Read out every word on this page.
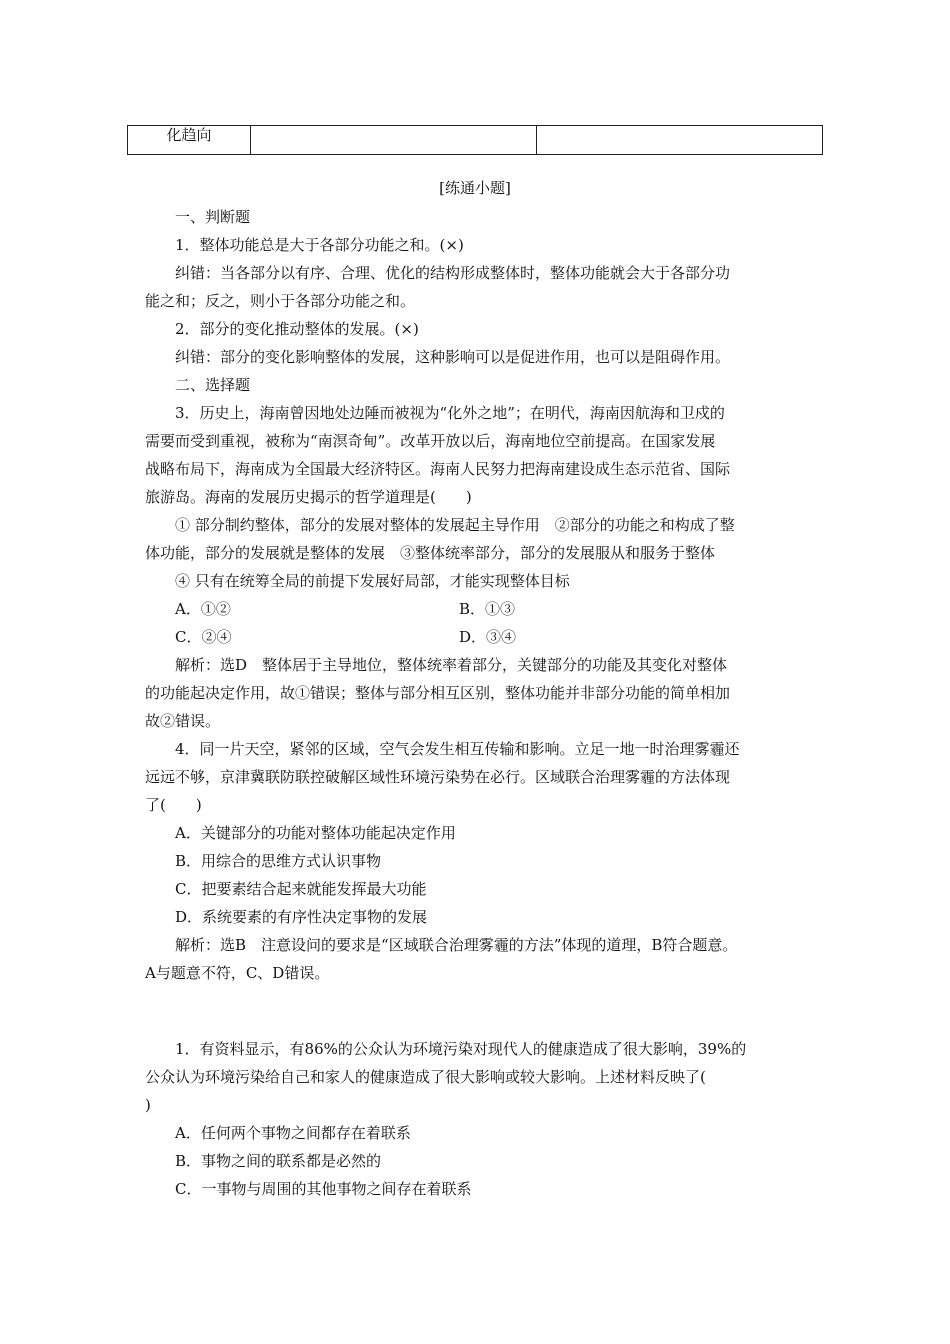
化趋向		
[练通小题]
一、判断题
1．整体功能总是大于各部分功能之和。(×)
纠错：当各部分以有序、合理、优化的结构形成整体时，整体功能就会大于各部分功
能之和；反之，则小于各部分功能之和。
2．部分的变化推动整体的发展。(×)
纠错：部分的变化影响整体的发展，这种影响可以是促进作用，也可以是阻碍作用。
二、选择题
3．历史上，海南曾因地处边陲而被视为“化外之地”；在明代，海南因航海和卫戍的
需要而受到重视，被称为“南溟奇甸”。改革开放以后，海南地位空前提高。在国家发展
战略布局下，海南成为全国最大经济特区。海南人民努力把海南建设成生态示范省、国际
旅游岛。海南的发展历史揭示的哲学道理是(　　)
① 部分制约整体，部分的发展对整体的发展起主导作用　②部分的功能之和构成了整
体功能，部分的发展就是整体的发展　③整体统率部分，部分的发展服从和服务于整体
④ 只有在统筹全局的前提下发展好局部，才能实现整体目标
A．①②	B．①③
C．②④	D．③④
解析：选D　整体居于主导地位，整体统率着部分，关键部分的功能及其变化对整体
的功能起决定作用，故①错误；整体与部分相互区别，整体功能并非部分功能的简单相加
故②错误。
4．同一片天空，紧邻的区域，空气会发生相互传输和影响。立足一地一时治理雾霾还
远远不够，京津冀联防联控破解区域性环境污染势在必行。区域联合治理雾霾的方法体现
了(　　)
A．关键部分的功能对整体功能起决定作用
B．用综合的思维方式认识事物
C．把要素结合起来就能发挥最大功能
D．系统要素的有序性决定事物的发展
解析：选B　注意设问的要求是“区域联合治理雾霾的方法”体现的道理，B符合题意。
A与题意不符，C、D错误。
1．有资料显示，有86%的公众认为环境污染对现代人的健康造成了很大影响，39%的
公众认为环境污染给自己和家人的健康造成了很大影响或较大影响。上述材料反映了(
)
A．任何两个事物之间都存在着联系
B．事物之间的联系都是必然的
C．一事物与周围的其他事物之间存在着联系
